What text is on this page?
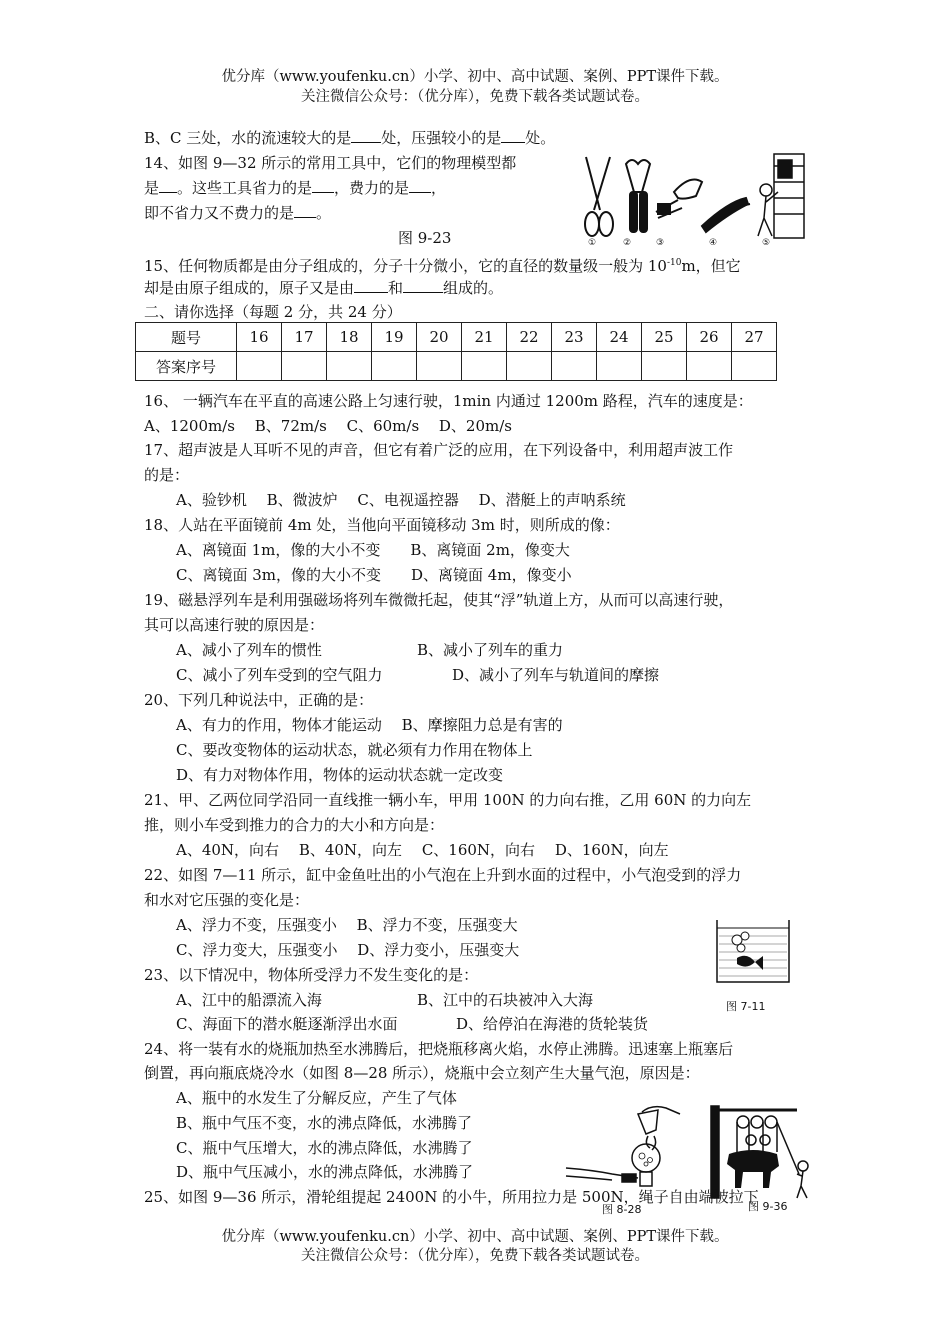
优分库（www.youfenku.cn）小学、初中、高中试题、案例、PPT课件下载。
关注微信公众号：（优分库），免费下载各类试题试卷。
B、C 三处，水的流速较大的是 处，压强较小的是 处。
14、如图 9—32 所示的常用工具中，它们的物理模型都
是 。这些工具省力的是 ，费力的是 ，
即不省力又不费力的是 。
图 9-23	①	②	③	④	⑤
15、任何物质都是由分子组成的，分子十分微小，它的直径的数量级一般为 $10^{-10}m$，但它
却是由原子组成的，原子又是由 和	组成的。
二、请你选择（每题 2 分，共 24 分）
题号	16	17	18	19	20	21	22	23	24	25	26	27
答案序号												
16、 一辆汽车在平直的高速公路上匀速行驶，1min 内通过 1200m 路程，汽车的速度是：
A、1200m/s　 B、72m/s　 C、60m/s　 D、20m/s
17、超声波是人耳听不见的声音，但它有着广泛的应用，在下列设备中，利用超声波工作
的是：
A、验钞机　 B、微波炉　 C、电视遥控器　 D、潜艇上的声呐系统
18、人站在平面镜前 4m 处，当他向平面镜移动 3m 时，则所成的像：
A、离镜面 1m，像的大小不变　　B、离镜面 2m，像变大
C、离镜面 3m，像的大小不变　　D、离镜面 4m，像变小
19、磁悬浮列车是利用强磁场将列车微微托起，使其“浮”轨道上方，从而可以高速行驶，
其可以高速行驶的原因是：
A、减小了列车的惯性	B、减小了列车的重力
C、减小了列车受到的空气阻力	D、减小了列车与轨道间的摩擦
20、下列几种说法中，正确的是：
A、有力的作用，物体才能运动　 B、摩擦阻力总是有害的
C、要改变物体的运动状态，就必须有力作用在物体上
D、有力对物体作用，物体的运动状态就一定改变
21、甲、乙两位同学沿同一直线推一辆小车，甲用 100N 的力向右推，乙用 60N 的力向左
推，则小车受到推力的合力的大小和方向是：
A、40N，向右　 B、40N，向左　 C、160N，向右　 D、160N，向左
22、如图 7—11 所示，缸中金鱼吐出的小气泡在上升到水面的过程中，小气泡受到的浮力
和水对它压强的变化是：
A、浮力不变，压强变小　 B、浮力不变，压强变大
C、浮力变大，压强变小　 D、浮力变小，压强变大
图 7-11
23、以下情况中，物体所受浮力不发生变化的是：
A、江中的船漂流入海	B、江中的石块被冲入大海
C、海面下的潜水艇逐渐浮出水面	D、给停泊在海港的货轮装货
24、将一装有水的烧瓶加热至水沸腾后，把烧瓶移离火焰，水停止沸腾。迅速塞上瓶塞后
倒置，再向瓶底烧冷水（如图 8—28 所示），烧瓶中会立刻产生大量气泡，原因是：
A、瓶中的水发生了分解反应，产生了气体
B、瓶中气压不变，水的沸点降低，水沸腾了
C、瓶中气压增大，水的沸点降低，水沸腾了
D、瓶中气压减小，水的沸点降低，水沸腾了
图 8-28	图 9-36
25、如图 9—36 所示，滑轮组提起 2400N 的小牛，所用拉力是 500N，绳子自由端被拉下
优分库（www.youfenku.cn）小学、初中、高中试题、案例、PPT课件下载。
关注微信公众号：（优分库），免费下载各类试题试卷。
